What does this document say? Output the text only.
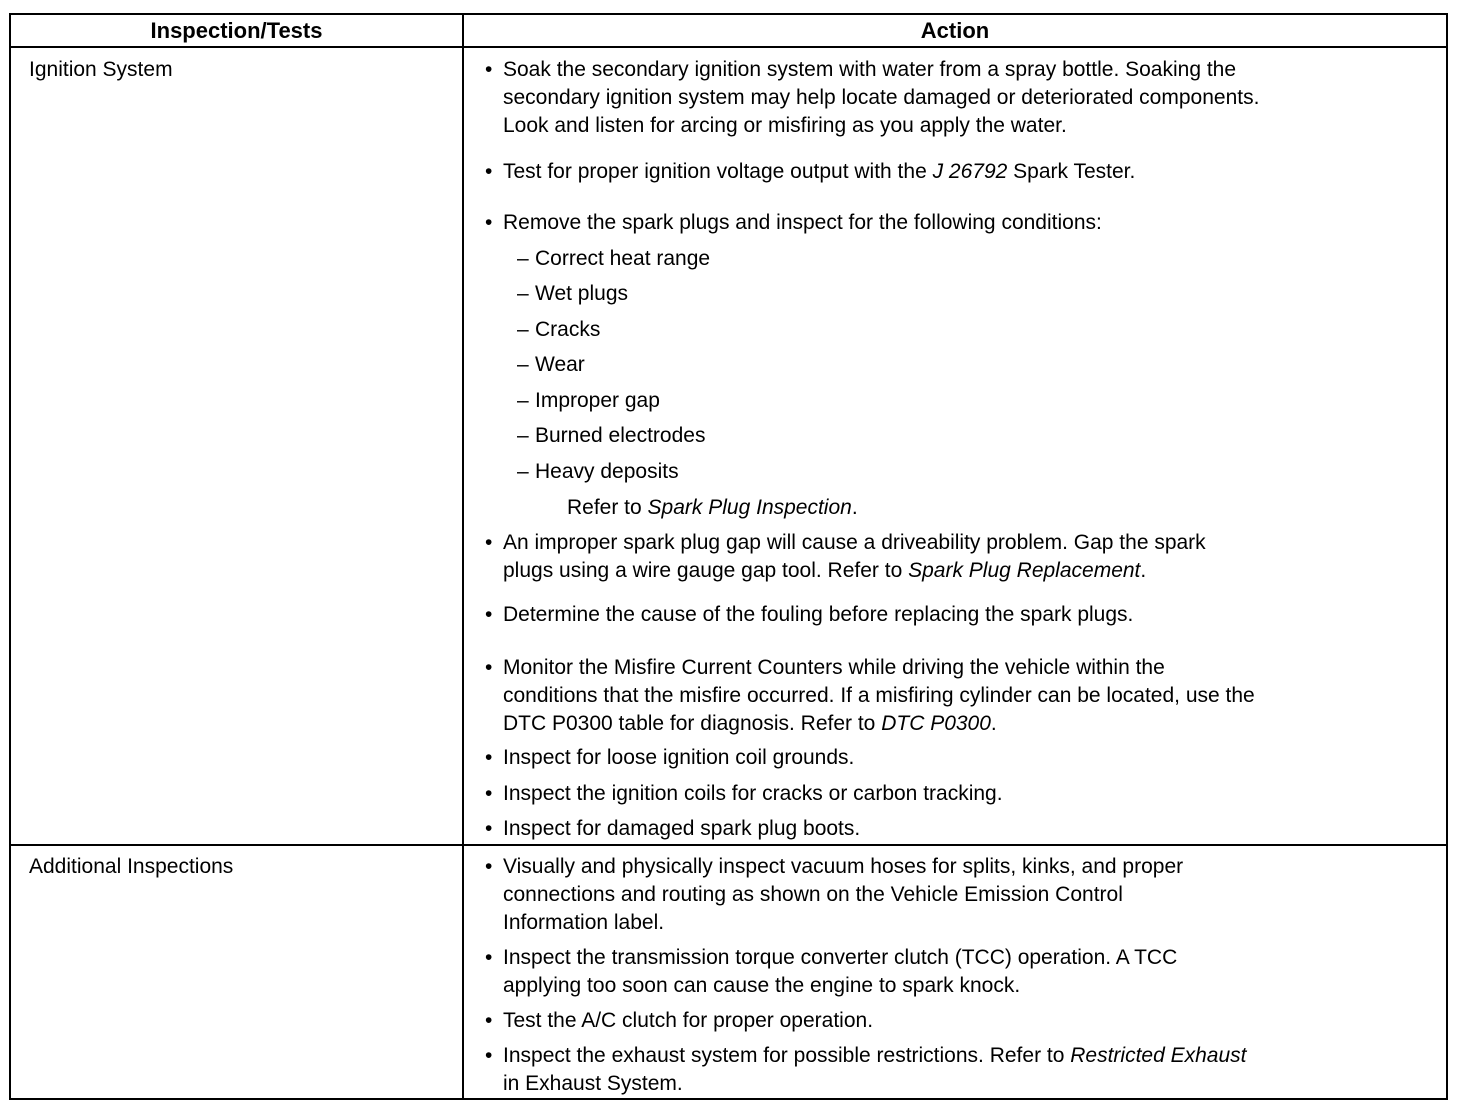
Inspection/Tests	Action
Ignition System	• Soak the secondary ignition system with water from a spray bottle. Soaking the
secondary ignition system may help locate damaged or deteriorated components.
Look and listen for arcing or misfiring as you apply the water.
• Test for proper ignition voltage output with the J 26792 Spark Tester.
• Remove the spark plugs and inspect for the following conditions:
– Correct heat range
– Wet plugs
– Cracks
– Wear
– Improper gap
– Burned electrodes
– Heavy deposits
Refer to Spark Plug Inspection.
• An improper spark plug gap will cause a driveability problem. Gap the spark
plugs using a wire gauge gap tool. Refer to Spark Plug Replacement.
• Determine the cause of the fouling before replacing the spark plugs.
• Monitor the Misfire Current Counters while driving the vehicle within the
conditions that the misfire occurred. If a misfiring cylinder can be located, use the
DTC P0300 table for diagnosis. Refer to DTC P0300.
• Inspect for loose ignition coil grounds.
• Inspect the ignition coils for cracks or carbon tracking.
• Inspect for damaged spark plug boots.
Additional Inspections	• Visually and physically inspect vacuum hoses for splits, kinks, and proper
connections and routing as shown on the Vehicle Emission Control
Information label.
• Inspect the transmission torque converter clutch (TCC) operation. A TCC
applying too soon can cause the engine to spark knock.
• Test the A/C clutch for proper operation.
• Inspect the exhaust system for possible restrictions. Refer to Restricted Exhaust
in Exhaust System.
